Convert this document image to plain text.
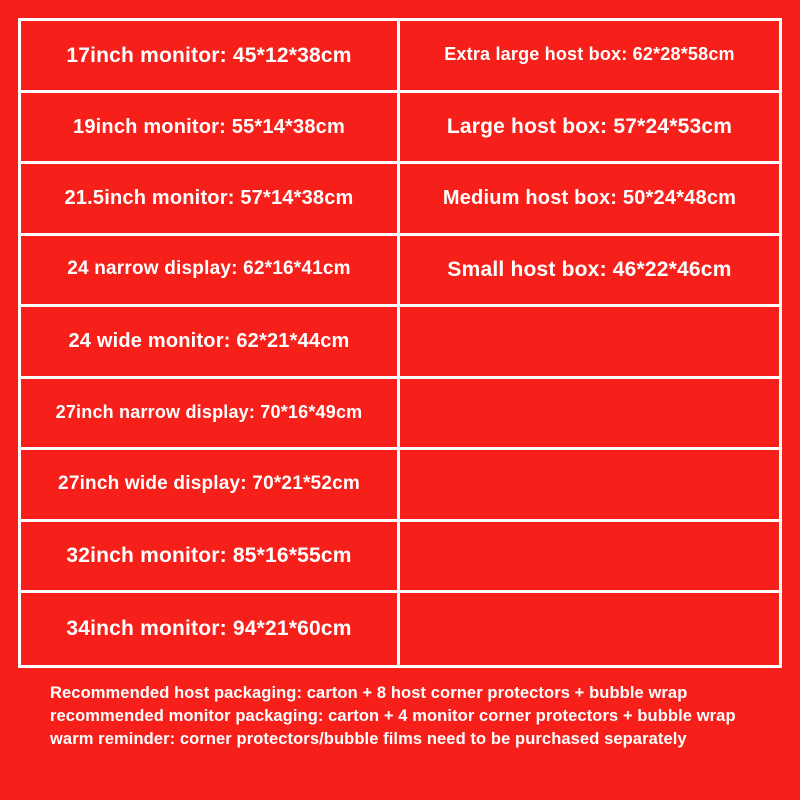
17inch monitor: 45*12*38cm
19inch monitor: 55*14*38cm
21.5inch monitor: 57*14*38cm
24 narrow display: 62*16*41cm
24 wide monitor: 62*21*44cm
27inch narrow display: 70*16*49cm
27inch wide display: 70*21*52cm
32inch monitor: 85*16*55cm
34inch monitor: 94*21*60cm
Extra large host box: 62*28*58cm
Large host box: 57*24*53cm
Medium host box: 50*24*48cm
Small host box: 46*22*46cm
Recommended host packaging: carton + 8 host corner protectors + bubble wrap recommended monitor packaging: carton + 4 monitor corner protectors + bubble wrap warm reminder: corner protectors/bubble films need to be purchased separately
